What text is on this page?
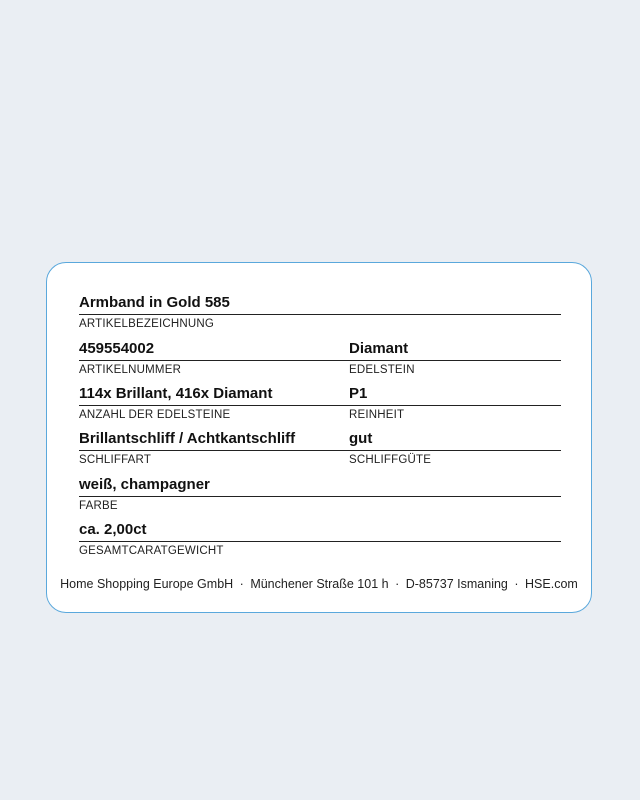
Armband in Gold 585
ARTIKELBEZEICHNUNG
459554002
ARTIKELNUMMER
Diamant
EDELSTEIN
114x Brillant, 416x Diamant
ANZAHL DER EDELSTEINE
P1
REINHEIT
Brillantschliff / Achtkantschliff
SCHLIFFART
gut
SCHLIFFGÜTE
weiß, champagner
FARBE
ca. 2,00ct
GESAMTCARATGEWICHT
Home Shopping Europe GmbH · Münchener Straße 101 h · D-85737 Ismaning · HSE.com
